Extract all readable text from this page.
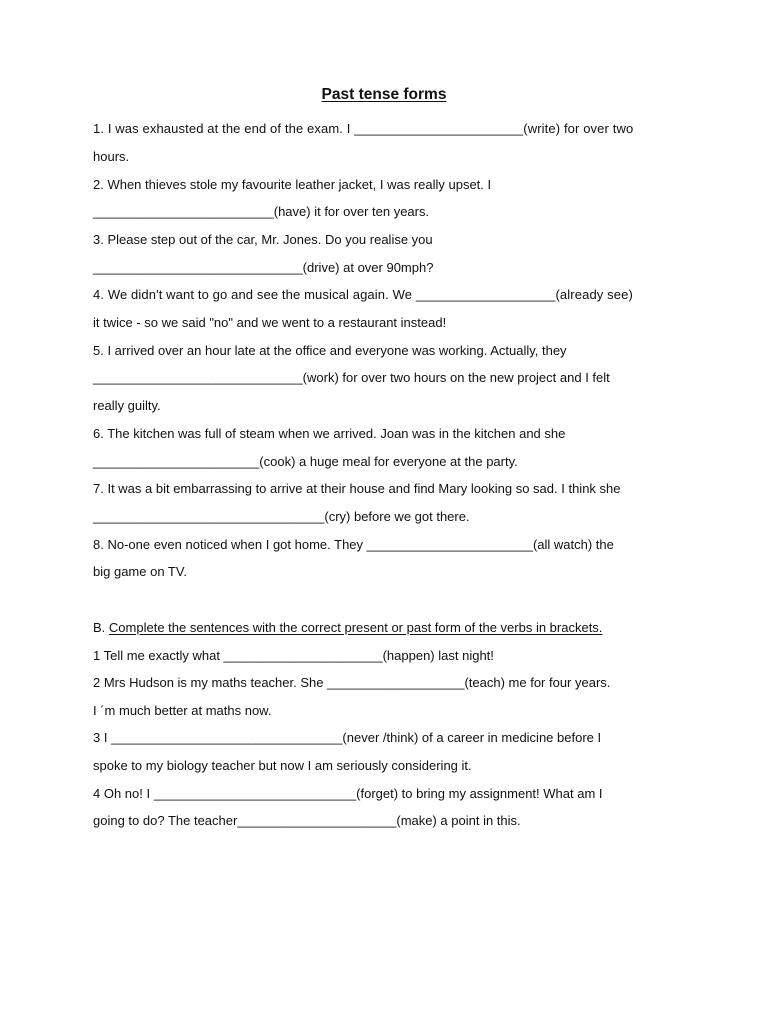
Past tense forms
1. I was exhausted at the end of the exam. I _______________________(write) for over two
hours.
2. When thieves stole my favourite leather jacket, I was really upset. I
_________________________(have) it for over ten years.
3. Please step out of the car, Mr. Jones. Do you realise you
_____________________________(drive) at over 90mph?
4. We didn't want to go and see the musical again. We ___________________(already see)
it twice - so we said "no" and we went to a restaurant instead!
5. I arrived over an hour late at the office and everyone was working. Actually, they
_____________________________(work) for over two hours on the new project and I felt
really guilty.
6. The kitchen was full of steam when we arrived. Joan was in the kitchen and she
_______________________(cook) a huge meal for everyone at the party.
7. It was a bit embarrassing to arrive at their house and find Mary looking so sad. I think she
________________________________(cry) before we got there.
8. No-one even noticed when I got home. They _______________________(all watch) the
big game on TV.
B. Complete the sentences with the correct present or past form of the verbs in brackets.
1 Tell me exactly what ______________________(happen) last night!
2 Mrs Hudson is my maths teacher. She ___________________(teach) me for four years.
I ´m much better at maths now.
3 I ________________________________(never /think) of a career in medicine before I
spoke to my biology teacher but now I am seriously considering it.
4 Oh no! I ____________________________(forget) to bring my assignment! What am I
going to do? The teacher______________________(make) a point in this.
